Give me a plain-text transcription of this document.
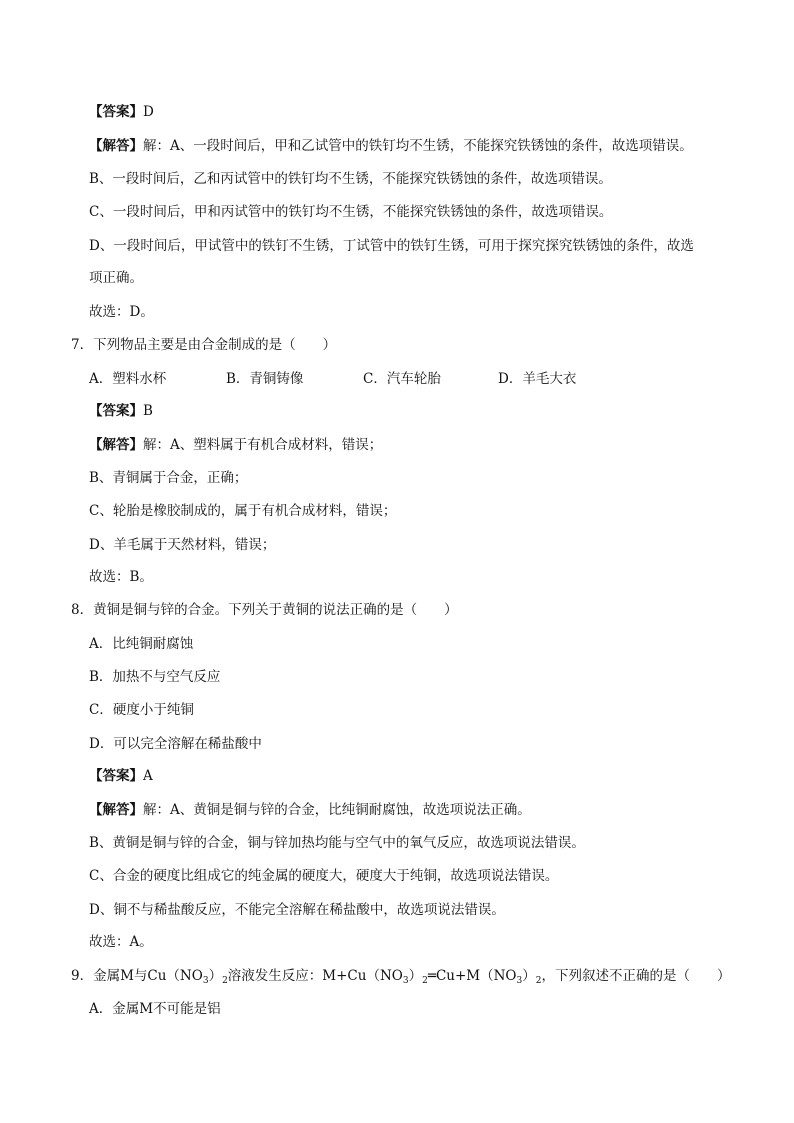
【答案】D
【解答】解：A、一段时间后，甲和乙试管中的铁钉均不生锈，不能探究铁锈蚀的条件，故选项错误。
B、一段时间后，乙和丙试管中的铁钉均不生锈，不能探究铁锈蚀的条件，故选项错误。
C、一段时间后，甲和丙试管中的铁钉均不生锈，不能探究铁锈蚀的条件，故选项错误。
D、一段时间后，甲试管中的铁钉不生锈，丁试管中的铁钉生锈，可用于探究探究铁锈蚀的条件，故选
项正确。
故选：D。
7．下列物品主要是由合金制成的是（　　）
A．塑料水杯	B．青铜铸像	C．汽车轮胎	D．羊毛大衣
【答案】B
【解答】解：A、塑料属于有机合成材料，错误；
B、青铜属于合金，正确；
C、轮胎是橡胶制成的，属于有机合成材料，错误；
D、羊毛属于天然材料，错误；
故选：B。
8．黄铜是铜与锌的合金。下列关于黄铜的说法正确的是（　　）
A．比纯铜耐腐蚀
B．加热不与空气反应
C．硬度小于纯铜
D．可以完全溶解在稀盐酸中
【答案】A
【解答】解：A、黄铜是铜与锌的合金，比纯铜耐腐蚀，故选项说法正确。
B、黄铜是铜与锌的合金，铜与锌加热均能与空气中的氧气反应，故选项说法错误。
C、合金的硬度比组成它的纯金属的硬度大，硬度大于纯铜，故选项说法错误。
D、铜不与稀盐酸反应，不能完全溶解在稀盐酸中，故选项说法错误。
故选：A。
9．金属M与$Cu(NO_3)_2$溶液发生反应：$M+Cu(NO_3)_2═Cu+M(NO_3)_2$，下列叙述不正确的是（　　）
A．金属M不可能是铝
